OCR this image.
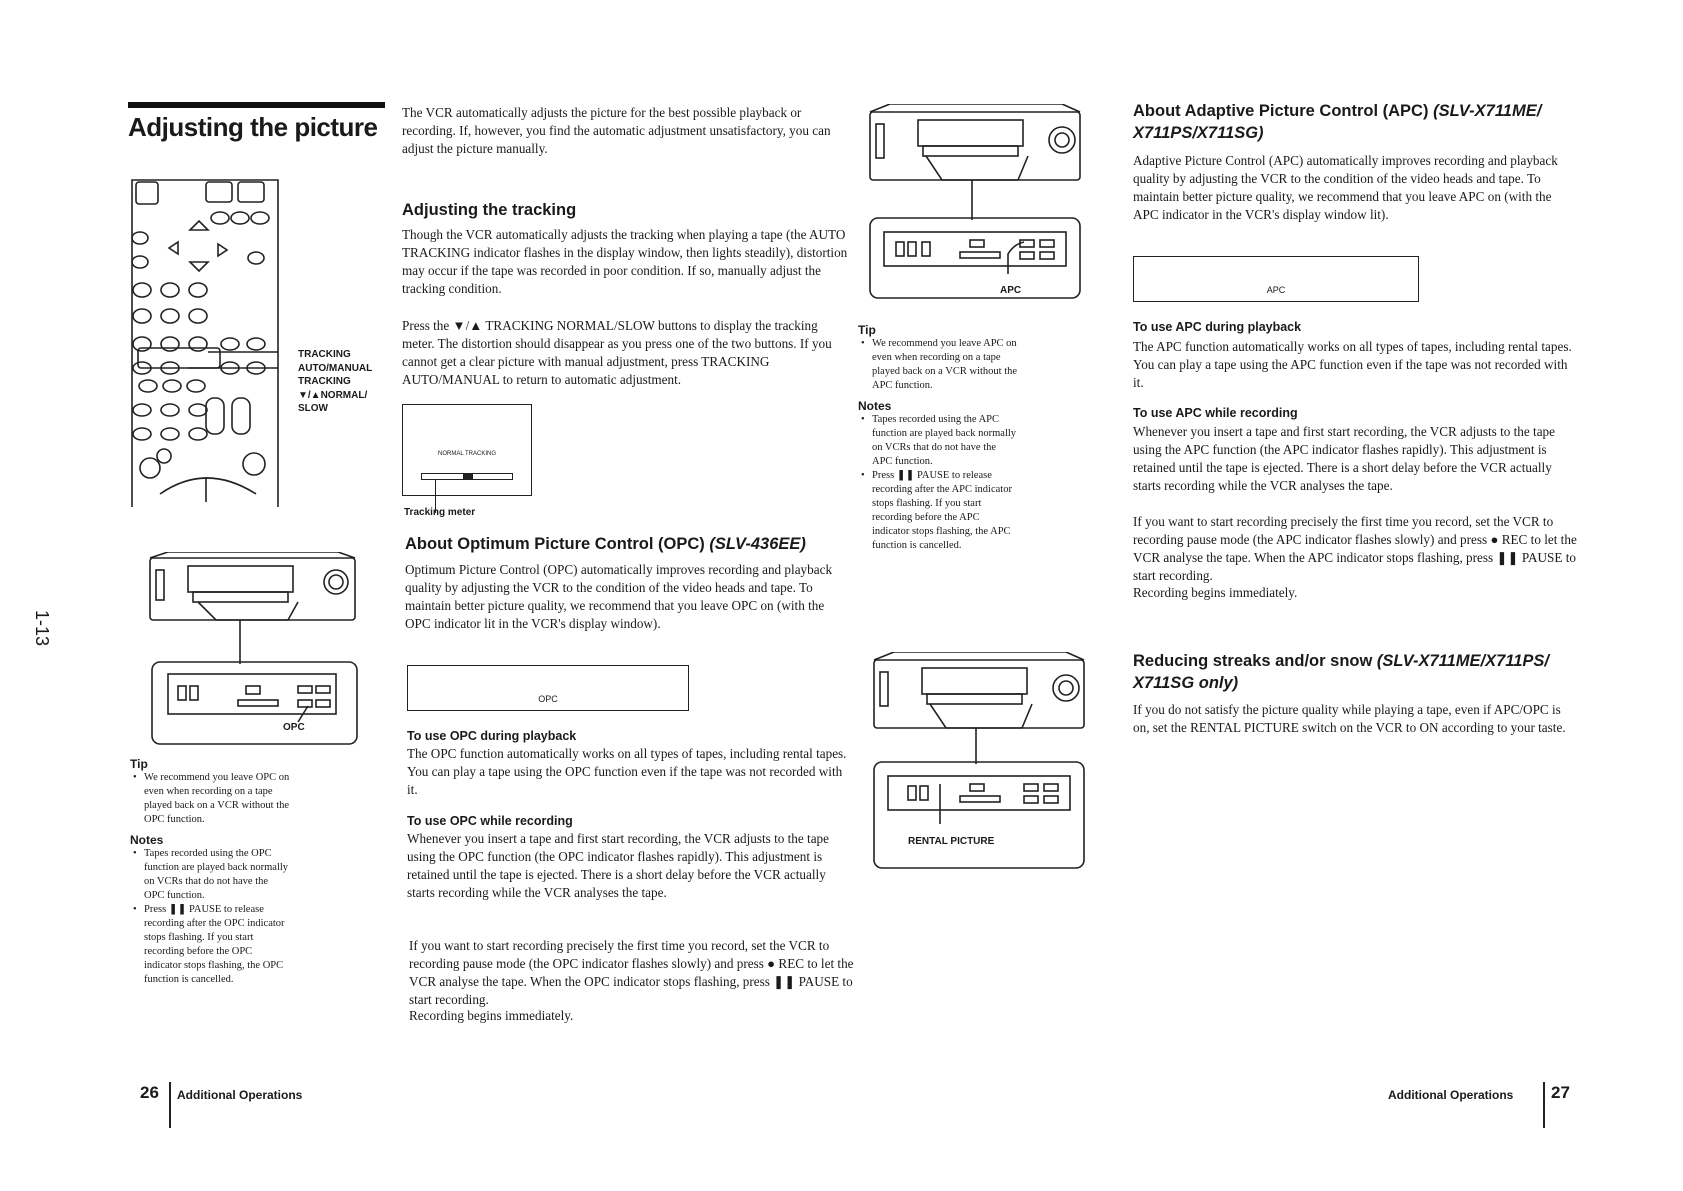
Adjusting the picture
1-13
TRACKING
AUTO/MANUAL
TRACKING
▼/▲NORMAL/
SLOW
OPC
Tip
• We recommend you leave OPC on even when recording on a tape played back on a VCR without the OPC function.
Notes
• Tapes recorded using the OPC function are played back normally on VCRs that do not have the OPC function.
• Press ❚❚ PAUSE to release recording after the OPC indicator stops flashing. If you start recording before the OPC indicator stops flashing, the OPC function is cancelled.
The VCR automatically adjusts the picture for the best possible playback or recording. If, however, you find the automatic adjustment unsatisfactory, you can adjust the picture manually.
Adjusting the tracking
Though the VCR automatically adjusts the tracking when playing a tape (the AUTO TRACKING indicator flashes in the display window, then lights steadily), distortion may occur if the tape was recorded in poor condition. If so, manually adjust the tracking condition.
Press the ▼/▲ TRACKING NORMAL/SLOW buttons to display the tracking meter. The distortion should disappear as you press one of the two buttons. If you cannot get a clear picture with manual adjustment, press TRACKING AUTO/MANUAL to return to automatic adjustment.
NORMAL TRACKING
Tracking meter
About Optimum Picture Control (OPC) (SLV-436EE)
Optimum Picture Control (OPC) automatically improves recording and playback quality by adjusting the VCR to the condition of the video heads and tape. To maintain better picture quality, we recommend that you leave OPC on (with the OPC indicator lit in the VCR's display window).
OPC
To use OPC during playback
The OPC function automatically works on all types of tapes, including rental tapes. You can play a tape using the OPC function even if the tape was not recorded with it.
To use OPC while recording
Whenever you insert a tape and first start recording, the VCR adjusts to the tape using the OPC function (the OPC indicator flashes rapidly). This adjustment is retained until the tape is ejected. There is a short delay before the VCR actually starts recording while the VCR analyses the tape.
If you want to start recording precisely the first time you record, set the VCR to recording pause mode (the OPC indicator flashes slowly) and press ● REC to let the VCR analyse the tape. When the OPC indicator stops flashing, press ❚❚ PAUSE to start recording.
Recording begins immediately.
26 Additional Operations
APC
Tip
• We recommend you leave APC on even when recording on a tape played back on a VCR without the APC function.
Notes
• Tapes recorded using the APC function are played back normally on VCRs that do not have the APC function.
• Press ❚❚ PAUSE to release recording after the APC indicator stops flashing. If you start recording before the APC indicator stops flashing, the APC function is cancelled.
RENTAL PICTURE
About Adaptive Picture Control (APC) (SLV-X711ME/ X711PS/X711SG)
Adaptive Picture Control (APC) automatically improves recording and playback quality by adjusting the VCR to the condition of the video heads and tape. To maintain better picture quality, we recommend that you leave APC on (with the APC indicator in the VCR's display window lit).
APC
To use APC during playback
The APC function automatically works on all types of tapes, including rental tapes. You can play a tape using the APC function even if the tape was not recorded with it.
To use APC while recording
Whenever you insert a tape and first start recording, the VCR adjusts to the tape using the APC function (the APC indicator flashes rapidly). This adjustment is retained until the tape is ejected. There is a short delay before the VCR actually starts recording while the VCR analyses the tape.
If you want to start recording precisely the first time you record, set the VCR to recording pause mode (the APC indicator flashes slowly) and press ● REC to let the VCR analyse the tape. When the APC indicator stops flashing, press ❚❚ PAUSE to start recording.
Recording begins immediately.
Reducing streaks and/or snow (SLV-X711ME/X711PS/ X711SG only)
If you do not satisfy the picture quality while playing a tape, even if APC/OPC is on, set the RENTAL PICTURE switch on the VCR to ON according to your taste.
Additional Operations 27
